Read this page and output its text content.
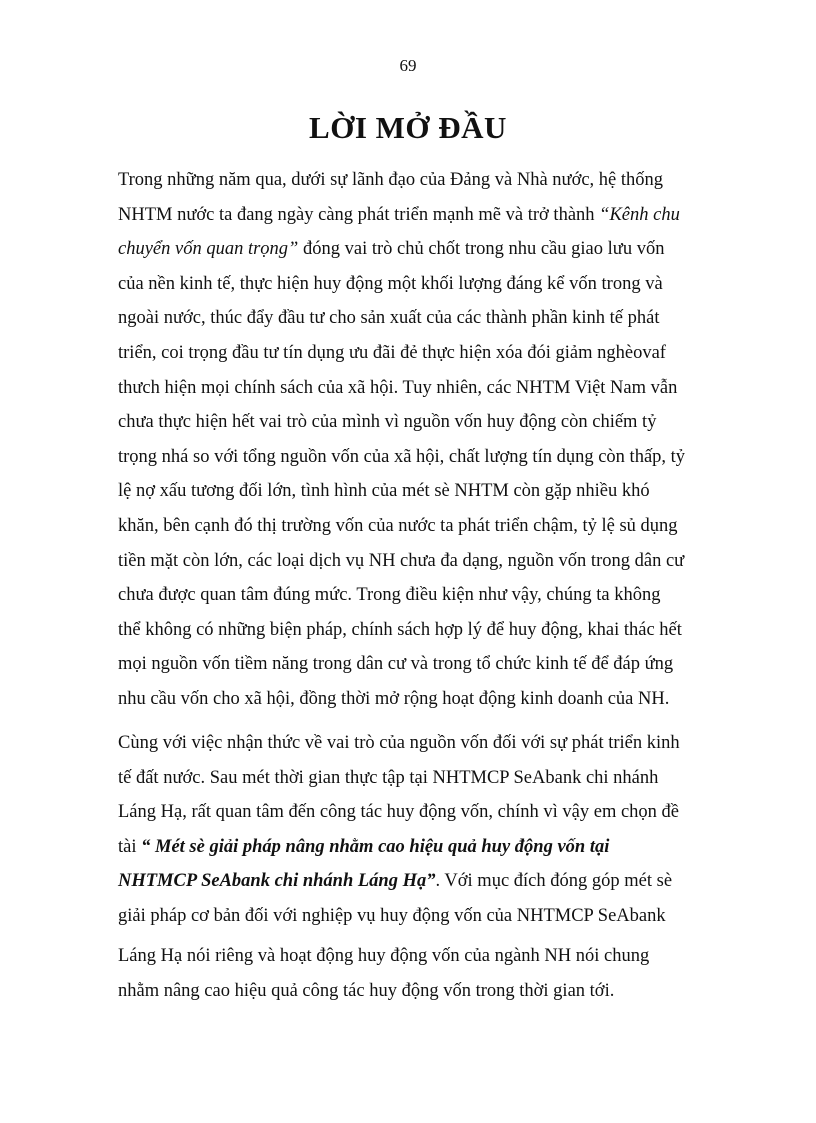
69
LỜI MỞ ĐẦU
Trong những năm qua, dưới sự lãnh đạo của Đảng và Nhà nước, hệ thống
NHTM nước ta đang ngày càng phát triển mạnh mẽ và trở thành “Kênh chu
chuyển vốn quan trọng” đóng vai trò chủ chốt trong nhu cầu giao lưu vốn
của nền kinh tế, thực hiện huy động một khối lượng đáng kể vốn trong và
ngoài nước, thúc đẩy đầu tư cho sản xuất của các thành phần kinh tế phát
triển, coi trọng đầu tư tín dụng ưu đãi đẻ thực hiện xóa đói giảm nghèovaf
thưch hiện mọi chính sách của xã hội. Tuy nhiên, các NHTM Việt Nam vẫn
chưa thực hiện hết vai trò của mình vì nguồn vốn huy động còn chiếm tỷ
trọng nhá so với tổng nguồn vốn của xã hội, chất lượng tín dụng còn thấp, tỷ
lệ nợ xấu tương đối lớn, tình hình của mét sè NHTM còn gặp nhiều khó
khăn, bên cạnh đó thị trường vốn của nước ta phát triển chậm, tỷ lệ sủ dụng
tiền mặt còn lớn, các loại dịch vụ NH chưa đa dạng, nguồn vốn trong dân cư
chưa được quan tâm đúng mức. Trong điều kiện như vậy, chúng ta không
thể không có những biện pháp, chính sách hợp lý để huy động, khai thác hết
mọi nguồn vốn tiềm năng trong dân cư và trong tổ chức kinh tế để đáp ứng
nhu cầu vốn cho xã hội, đồng thời mở rộng hoạt động kinh doanh của NH.
Cùng với việc nhận thức về vai trò của nguồn vốn đối với sự phát triển kinh
tế đất nước. Sau mét thời gian thực tập tại NHTMCP SeAbank chi nhánh
Láng Hạ, rất quan tâm đến công tác huy động vốn, chính vì vậy em chọn đề
tài “ Mét sè giải pháp nâng nhằm cao hiệu quả huy động vốn tại
NHTMCP SeAbank chi nhánh Láng Hạ”. Với mục đích đóng góp mét sè
giải pháp cơ bản đối với nghiệp vụ huy động vốn của NHTMCP SeAbank
Láng Hạ nói riêng và hoạt động huy động vốn của ngành NH nói chung
nhằm nâng cao hiệu quả công tác huy động vốn trong thời gian tới.
